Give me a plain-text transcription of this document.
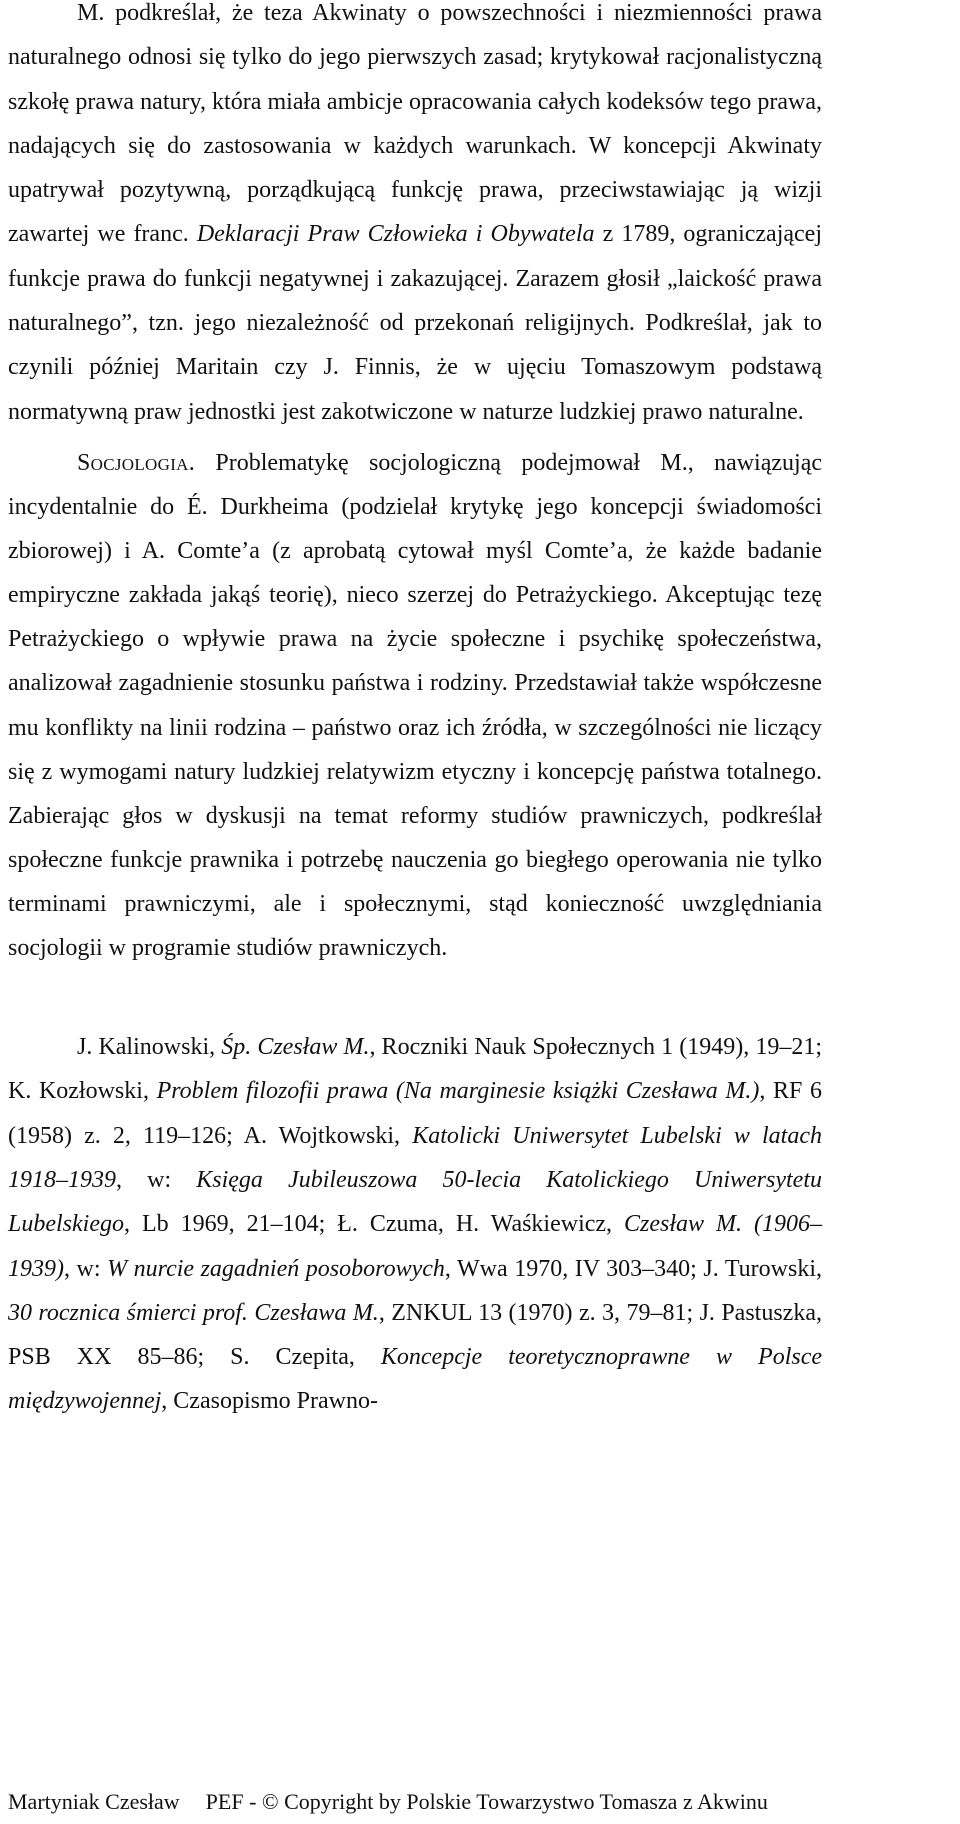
M. podkreślał, że teza Akwinaty o powszechności i niezmienności prawa naturalnego odnosi się tylko do jego pierwszych zasad; krytykował racjonalistyczną szkołę prawa natury, która miała ambicje opracowania całych kodeksów tego prawa, nadających się do zastosowania w każdych warunkach. W koncepcji Akwinaty upatrywał pozytywną, porządkującą funkcję prawa, przeciwstawiając ją wizji zawartej we franc. Deklaracji Praw Człowieka i Obywatela z 1789, ograniczającej funkcje prawa do funkcji negatywnej i zakazującej. Zarazem głosił „laickość prawa naturalnego”, tzn. jego niezależność od przekonań religijnych. Podkreślał, jak to czynili później Maritain czy J. Finnis, że w ujęciu Tomaszowym podstawą normatywną praw jednostki jest zakotwiczone w naturze ludzkiej prawo naturalne.

Socjologia. Problematykę socjologiczną podejmował M., nawiązując incydentalnie do É. Durkheima (podzielał krytykę jego koncepcji świadomości zbiorowej) i A. Comte’a (z aprobatą cytował myśl Comte’a, że każde badanie empiryczne zakłada jakąś teorię), nieco szerzej do Petrażyckiego. Akceptując tezę Petrażyckiego o wpływie prawa na życie społeczne i psychikę społeczeństwa, analizował zagadnienie stosunku państwa i rodziny. Przedstawiał także współczesne mu konflikty na linii rodzina – państwo oraz ich źródła, w szczególności nie liczący się z wymogami natury ludzkiej relatywizm etyczny i koncepcję państwa totalnego. Zabierając głos w dyskusji na temat reformy studiów prawniczych, podkreślał społeczne funkcje prawnika i potrzebę nauczenia go biegłego operowania nie tylko terminami prawniczymi, ale i społecznymi, stąd konieczność uwzględniania socjologii w programie studiów prawniczych.

J. Kalinowski, Śp. Czesław M., Roczniki Nauk Społecznych 1 (1949), 19–21; K. Kozłowski, Problem filozofii prawa (Na marginesie książki Czesława M.), RF 6 (1958) z. 2, 119–126; A. Wojtkowski, Katolicki Uniwersytet Lubelski w latach 1918–1939, w: Księga Jubileuszowa 50-lecia Katolickiego Uniwersytetu Lubelskiego, Lb 1969, 21–104; Ł. Czuma, H. Waśkiewicz, Czesław M. (1906–1939), w: W nurcie zagadnień posoborowych, Wwa 1970, IV 303–340; J. Turowski, 30 rocznica śmierci prof. Czesława M., ZNKUL 13 (1970) z. 3, 79–81; J. Pastuszka, PSB XX 85–86; S. Czepita, Koncepcje teoretycznoprawne w Polsce międzywojennej, Czasopismo Prawno-

Martyniak Czesław PEF - © Copyright by Polskie Towarzystwo Tomasza z Akwinu
